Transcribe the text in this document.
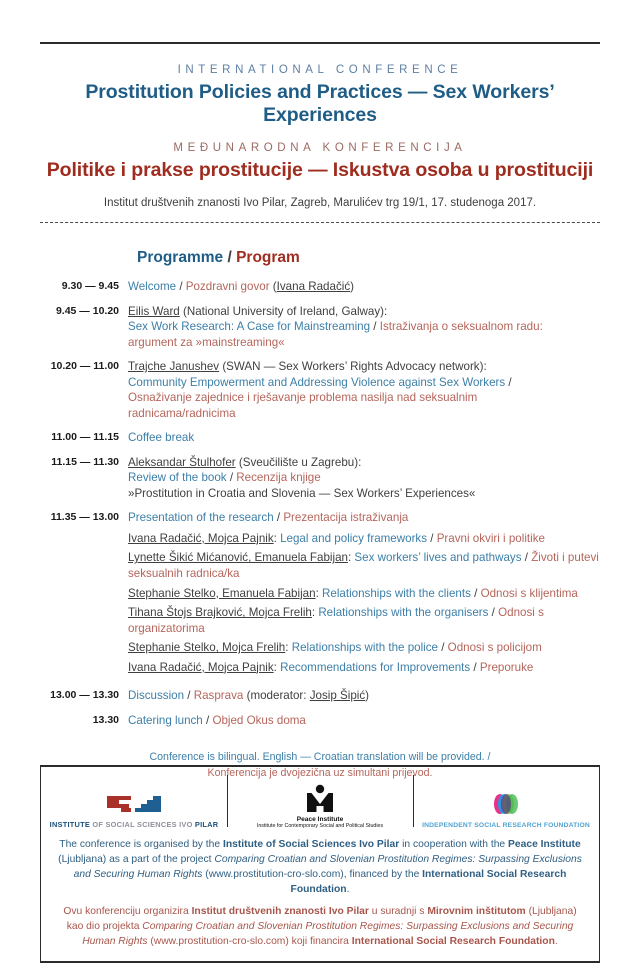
INTERNATIONAL CONFERENCE
Prostitution Policies and Practices — Sex Workers’ Experiences
MEĐUNARODNA KONFERENCIJA
Politike i prakse prostitucije — Iskustva osoba u prostituciji
Institut društvenih znanosti Ivo Pilar, Zagreb, Marulićev trg 19/1, 17. studenoga 2017.
Programme / Program
9.30 — 9.45 Welcome / Pozdravni govor (Ivana Radačić)
9.45 — 10.20 Eilis Ward (National University of Ireland, Galway):
Sex Work Research: A Case for Mainstreaming / Istraživanja o seksualnom radu:
argument za »mainstreaming«
10.20 — 11.00 Trajche Janushev (SWAN — Sex Workers’ Rights Advocacy network):
Community Empowerment and Addressing Violence against Sex Workers /
Osnaživanje zajednice i rješavanje problema nasilja nad seksualnim
radnicama/radnicima
11.00 — 11.15 Coffee break
11.15 — 11.30 Aleksandar Štulhofer (Sveučilište u Zagrebu):
Review of the book / Recenzija knjige
»Prostitution in Croatia and Slovenia — Sex Workers’ Experiences«
11.35 — 13.00 Presentation of the research / Prezentacija istraživanja
Ivana Radačić, Mojca Pajnik: Legal and policy frameworks / Pravni okviri i politike
Lynette Šikić Mićanović, Emanuela Fabijan: Sex workers’ lives and pathways / Životi i putevi seksualnih radnica/ka
Stephanie Stelko, Emanuela Fabijan: Relationships with the clients / Odnosi s klijentima
Tihana Štojs Brajković, Mojca Frelih: Relationships with the organisers / Odnosi s organizatorima
Stephanie Stelko, Mojca Frelih: Relationships with the police / Odnosi s policijom
Ivana Radačić, Mojca Pajnik: Recommendations for Improvements / Preporuke
13.00 — 13.30 Discussion / Rasprava (moderator: Josip Šipić)
13.30 Catering lunch / Objed Okus doma
Conference is bilingual. English — Croatian translation will be provided. /
Konferencija je dvojezična uz simultani prijevod.
INSTITUTE OF SOCIAL SCIENCES IVO PILAR
Peace Institute
Institute for Contemporary Social and Political Studies	INDEPENDENT SOCIAL RESEARCH FOUNDATION
The conference is organised by the Institute of Social Sciences Ivo Pilar in cooperation with the Peace Institute (Ljubljana) as a part of the project Comparing Croatian and Slovenian Prostitution Regimes: Surpassing Exclusions and Securing Human Rights (www.prostitution-cro-slo.com), financed by the International Social Research Foundation.
Ovu konferenciju organizira Institut društvenih znanosti Ivo Pilar u suradnji s Mirovnim inštitutom (Ljubljana) kao dio projekta Comparing Croatian and Slovenian Prostitution Regimes: Surpassing Exclusions and Securing Human Rights (www.prostitution-cro-slo.com) koji financira International Social Research Foundation.
